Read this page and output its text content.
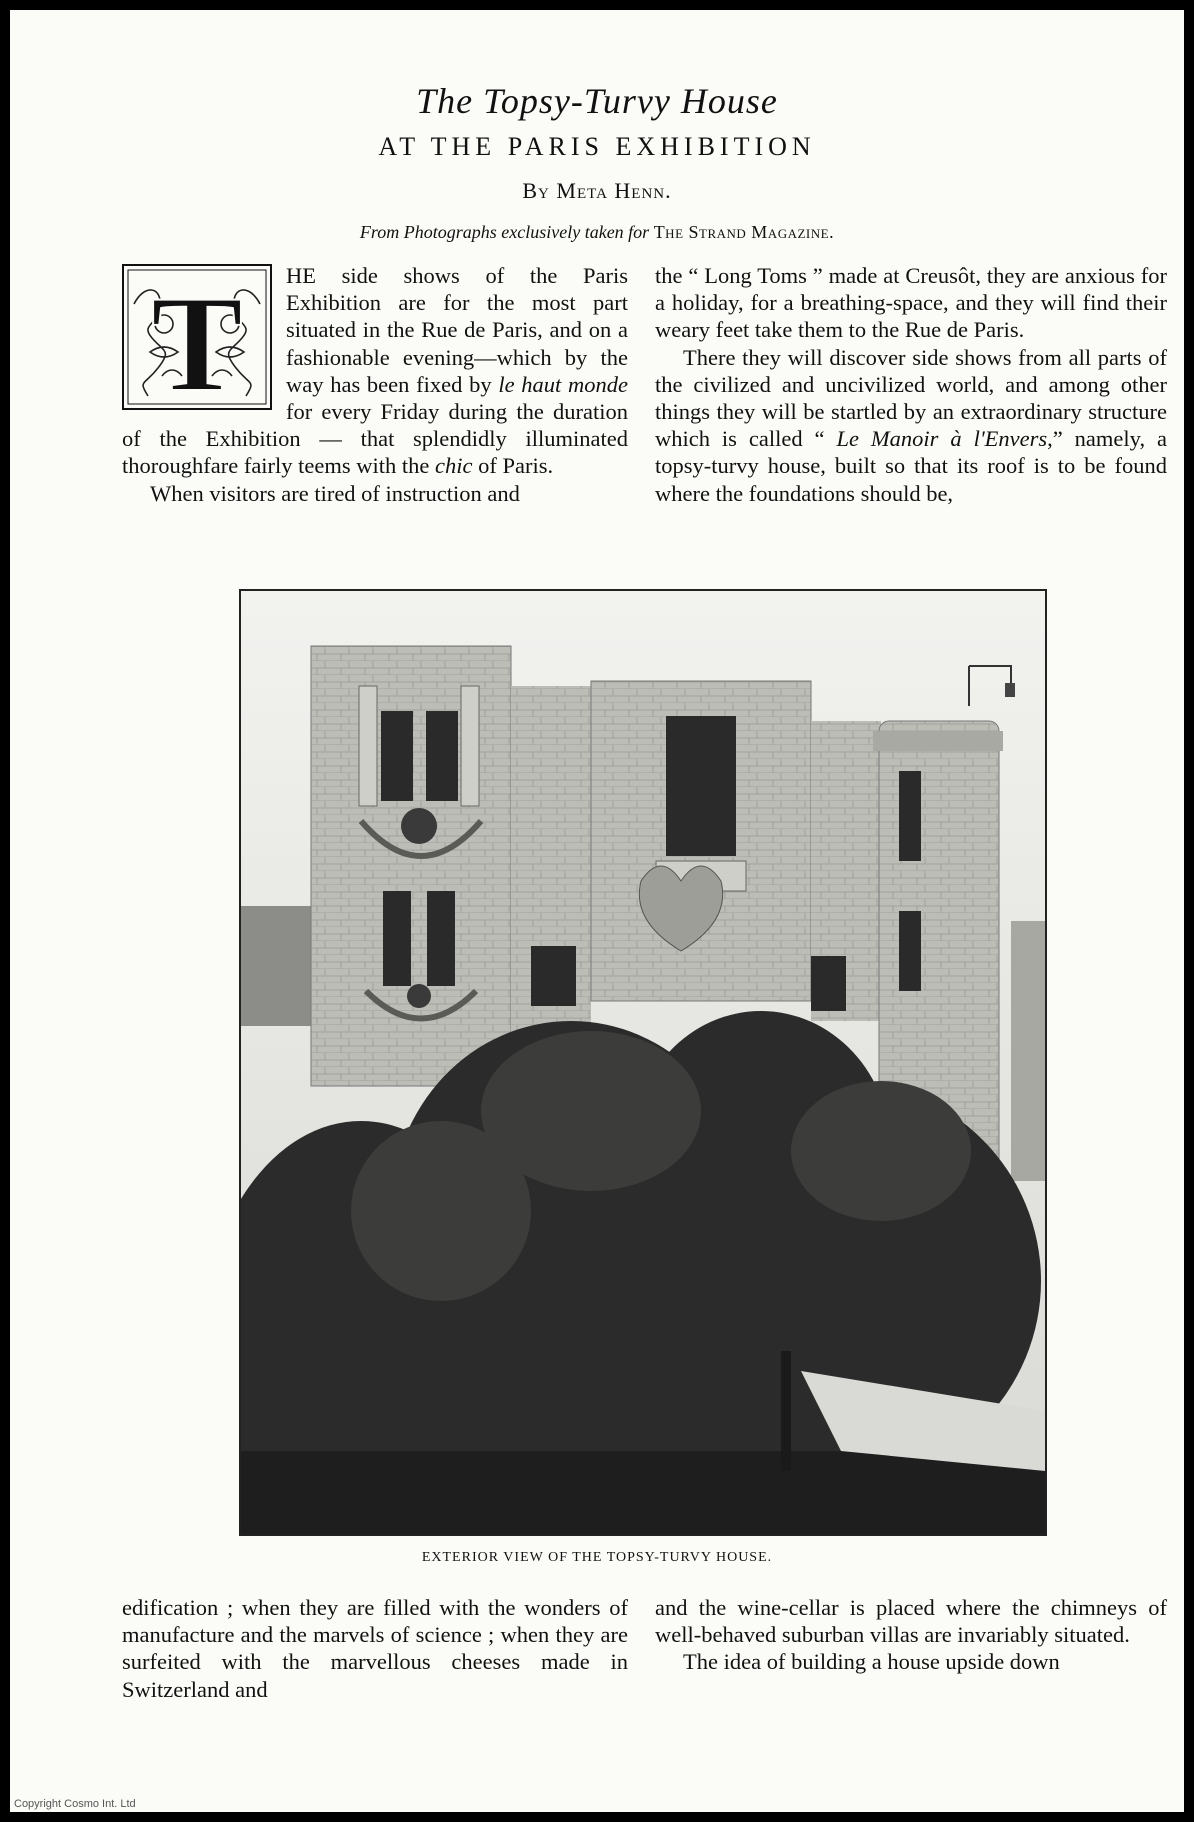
The Topsy-Turvy House
AT THE PARIS EXHIBITION
By Meta Henn.
From Photographs exclusively taken for The Strand Magazine.

T HE side shows of the Paris Exhibition are for the most part situated in the Rue de Paris, and on a fashionable evening—which by the way has been fixed by le haut monde for every Friday during the duration of the Exhibition — that splendidly illuminated thoroughfare fairly teems with the chic of Paris.

When visitors are tired of instruction and

the “ Long Toms ” made at Creusôt, they are anxious for a holiday, for a breathing-space, and they will find their weary feet take them to the Rue de Paris.

There they will discover side shows from all parts of the civilized and uncivilized world, and among other things they will be startled by an extraordinary structure which is called “ Le Manoir à l'Envers,” namely, a topsy-turvy house, built so that its roof is to be found where the foundations should be,

EXTERIOR VIEW OF THE TOPSY-TURVY HOUSE.

edification ; when they are filled with the wonders of manufacture and the marvels of science ; when they are surfeited with the marvellous cheeses made in Switzerland and

and the wine-cellar is placed where the chimneys of well-behaved suburban villas are invariably situated.

The idea of building a house upside down

Copyright Cosmo Int. Ltd
